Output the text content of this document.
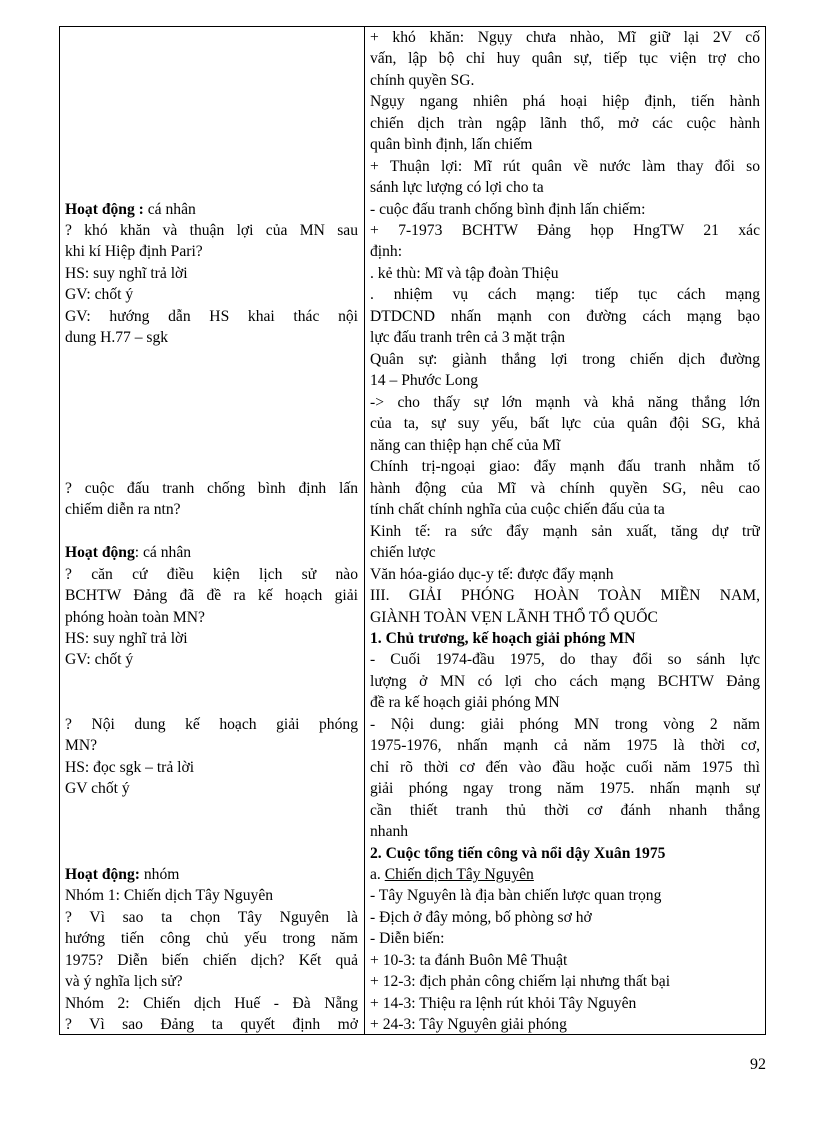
Hoạt động : cá nhân
? khó khăn và thuận lợi của MN sau
khi kí Hiệp định Pari?
HS: suy nghĩ trả lời
GV: chốt ý
GV: hướng dẫn HS khai thác nội
dung H.77 – sgk
? cuộc đấu tranh chống bình định lấn
chiếm diễn ra ntn?
Hoạt động: cá nhân
? căn cứ điều kiện lịch sử nào
BCHTW Đảng đã đề ra kế hoạch giải
phóng hoàn toàn MN?
HS: suy nghĩ trả lời
GV: chốt ý
? Nội dung kế hoạch giải phóng
MN?
HS: đọc sgk – trả lời
GV chốt ý
Hoạt động: nhóm
Nhóm 1: Chiến dịch Tây Nguyên
? Vì sao ta chọn Tây Nguyên là
hướng tiến công chủ yếu trong năm
1975? Diễn biến chiến dịch? Kết quả
và ý nghĩa lịch sử?
Nhóm 2: Chiến dịch Huế - Đà Nẵng
? Vì sao Đảng ta quyết định mở
+ khó khăn: Ngụy chưa nhào, Mĩ giữ lại 2V cố
vấn, lập bộ chỉ huy quân sự, tiếp tục viện trợ cho
chính quyền SG.
Ngụy ngang nhiên phá hoại hiệp định, tiến hành
chiến dịch tràn ngập lãnh thổ, mở các cuộc hành
quân bình định, lấn chiếm
+ Thuận lợi: Mĩ rút quân về nước làm thay đổi so
sánh lực lượng có lợi cho ta
- cuộc đấu tranh chống bình định lấn chiếm:
+ 7-1973 BCHTW Đảng họp HngTW 21 xác
định:
. kẻ thù: Mĩ và tập đoàn Thiệu
. nhiệm vụ cách mạng: tiếp tục cách mạng
DTDCND nhấn mạnh con đường cách mạng bạo
lực đấu tranh trên cả 3 mặt trận
Quân sự: giành thắng lợi trong chiến dịch đường
14 – Phước Long
-> cho thấy sự lớn mạnh và khả năng thắng lớn
của ta, sự suy yếu, bất lực của quân đội SG, khả
năng can thiệp hạn chế của Mĩ
Chính trị-ngoại giao: đẩy mạnh đấu tranh nhằm tố
hành động của Mĩ và chính quyền SG, nêu cao
tính chất chính nghĩa của cuộc chiến đấu của ta
Kinh tế: ra sức đẩy mạnh sản xuất, tăng dự trữ
chiến lược
Văn hóa-giáo dục-y tế: được đẩy mạnh
III. GIẢI PHÓNG HOÀN TOÀN MIỀN NAM,
GIÀNH TOÀN VẸN LÃNH THỔ TỔ QUỐC
1. Chủ trương, kế hoạch giải phóng MN
- Cuối 1974-đầu 1975, do thay đổi so sánh lực
lượng ở MN có lợi cho cách mạng BCHTW Đảng
đề ra kế hoạch giải phóng MN
- Nội dung: giải phóng MN trong vòng 2 năm
1975-1976, nhấn mạnh cả năm 1975 là thời cơ,
chỉ rõ thời cơ đến vào đầu hoặc cuối năm 1975 thì
giải phóng ngay trong năm 1975. nhấn mạnh sự
cần thiết tranh thủ thời cơ đánh nhanh thắng
nhanh
2. Cuộc tổng tiến công và nổi dậy Xuân 1975
a. Chiến dịch Tây Nguyên
- Tây Nguyên là địa bàn chiến lược quan trọng
- Địch ở đây mỏng, bố phòng sơ hở
- Diễn biến:
+ 10-3: ta đánh Buôn Mê Thuật
+ 12-3: địch phản công chiếm lại nhưng thất bại
+ 14-3: Thiệu ra lệnh rút khỏi Tây Nguyên
+ 24-3: Tây Nguyên giải phóng
92
